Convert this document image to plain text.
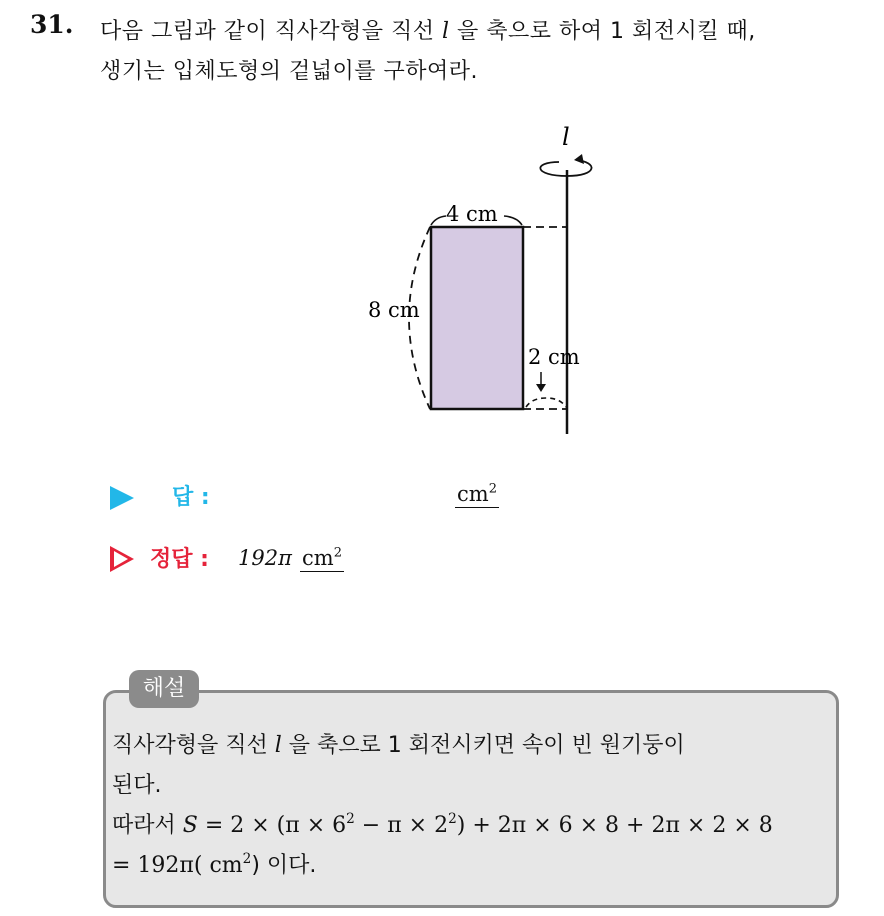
31. 다음 그림과 같이 직사각형을 직선 l 을 축으로 하여 1 회전시킬 때,
생기는 입체도형의 겉넓이를 구하여라.
l
4 cm
8 cm
2 cm
답 :	$cm^2$
정답 : 192π $cm^2$
해설
직사각형을 직선 l 을 축으로 1 회전시키면 속이 빈 원기둥이
된다.
따라서 $S = 2 \times (\pi \times 6^2 - \pi \times 2^2) + 2\pi \times 6 \times 8 + 2\pi \times 2 \times 8$
= 192π( $cm^2$) 이다.
